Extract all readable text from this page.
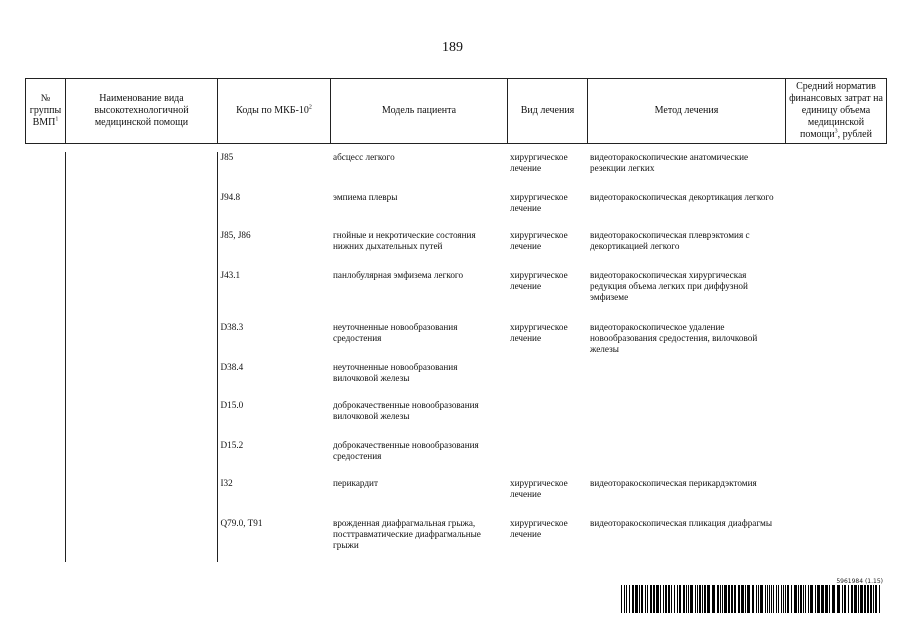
189
№
группы
ВМП$^1$	Наименование вида высокотехнологичной медицинской помощи	Коды по МКБ-$10^2$	Модель пациента	Вид лечения	Метод лечения	Средний норматив финансовых затрат на единицу объема медицинской помощи$^3$, рублей
		J85	абсцесс легкого	хирургическое лечение	видеоторакоскопические анатомические резекции легких	
		J94.8	эмпиема плевры	хирургическое лечение	видеоторакоскопическая декортикация легкого	
		J85, J86	гнойные и некротические состояния нижних дыхательных путей	хирургическое лечение	видеоторакоскопическая плеврэктомия с декортикацией легкого	
		J43.1	панлобулярная эмфизема легкого	хирургическое лечение	видеоторакоскопическая хирургическая редукция объема легких при диффузной эмфиземе	
		D38.3	неуточненные новообразования средостения	хирургическое лечение	видеоторакоскопическое удаление новообразования средостения, вилочковой железы	
		D38.4	неуточненные новообразования вилочковой железы			
		D15.0	доброкачественные новообразования вилочковой железы			
		D15.2	доброкачественные новообразования средостения			
		I32	перикардит	хирургическое лечение	видеоторакоскопическая перикардэктомия	
		Q79.0, T91	врожденная диафрагмальная грыжа, посттравматические диафрагмальные грыжи	хирургическое лечение	видеоторакоскопическая пликация диафрагмы	
5961984 (1.15)
